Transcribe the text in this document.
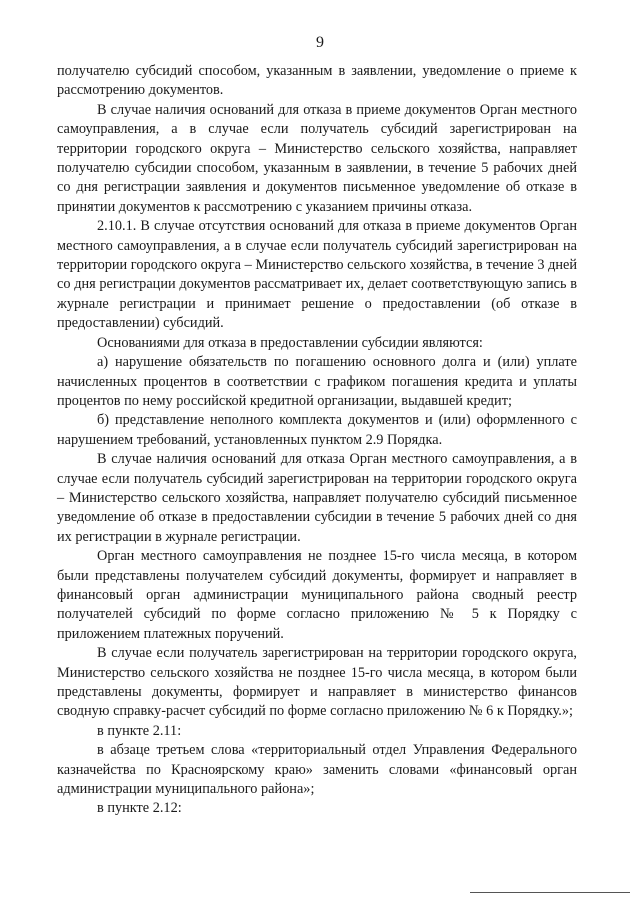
9

получателю субсидий способом, указанным в заявлении, уведомление о приеме к рассмотрению документов.

В случае наличия оснований для отказа в приеме документов Орган местного самоуправления, а в случае если получатель субсидий зарегистрирован на территории городского округа – Министерство сельского хозяйства, направляет получателю субсидии способом, указанным в заявлении, в течение 5 рабочих дней со дня регистрации заявления и документов письменное уведомление об отказе в принятии документов к рассмотрению с указанием причины отказа.

2.10.1. В случае отсутствия оснований для отказа в приеме документов Орган местного самоуправления, а в случае если получатель субсидий зарегистрирован на территории городского округа – Министерство сельского хозяйства, в течение 3 дней со дня регистрации документов рассматривает их, делает соответствующую запись в журнале регистрации и принимает решение о предоставлении (об отказе в предоставлении) субсидий.

Основаниями для отказа в предоставлении субсидии являются:

а) нарушение обязательств по погашению основного долга и (или) уплате начисленных процентов в соответствии с графиком погашения кредита и уплаты процентов по нему российской кредитной организации, выдавшей кредит;

б) представление неполного комплекта документов и (или) оформленного с нарушением требований, установленных пунктом 2.9 Порядка.

В случае наличия оснований для отказа Орган местного самоуправления, а в случае если получатель субсидий зарегистрирован на территории городского округа – Министерство сельского хозяйства, направляет получателю субсидий письменное уведомление об отказе в предоставлении субсидии в течение 5 рабочих дней со дня их регистрации в журнале регистрации.

Орган местного самоуправления не позднее 15-го числа месяца, в котором были представлены получателем субсидий документы, формирует и направляет в финансовый орган администрации муниципального района сводный реестр получателей субсидий по форме согласно приложению № 5 к Порядку с приложением платежных поручений.

В случае если получатель зарегистрирован на территории городского округа, Министерство сельского хозяйства не позднее 15-го числа месяца, в котором были представлены документы, формирует и направляет в министерство финансов сводную справку-расчет субсидий по форме согласно приложению № 6 к Порядку.»;

в пункте 2.11:

в абзаце третьем слова «территориальный отдел Управления Федерального казначейства по Красноярскому краю» заменить словами «финансовый орган администрации муниципального района»;

в пункте 2.12:
